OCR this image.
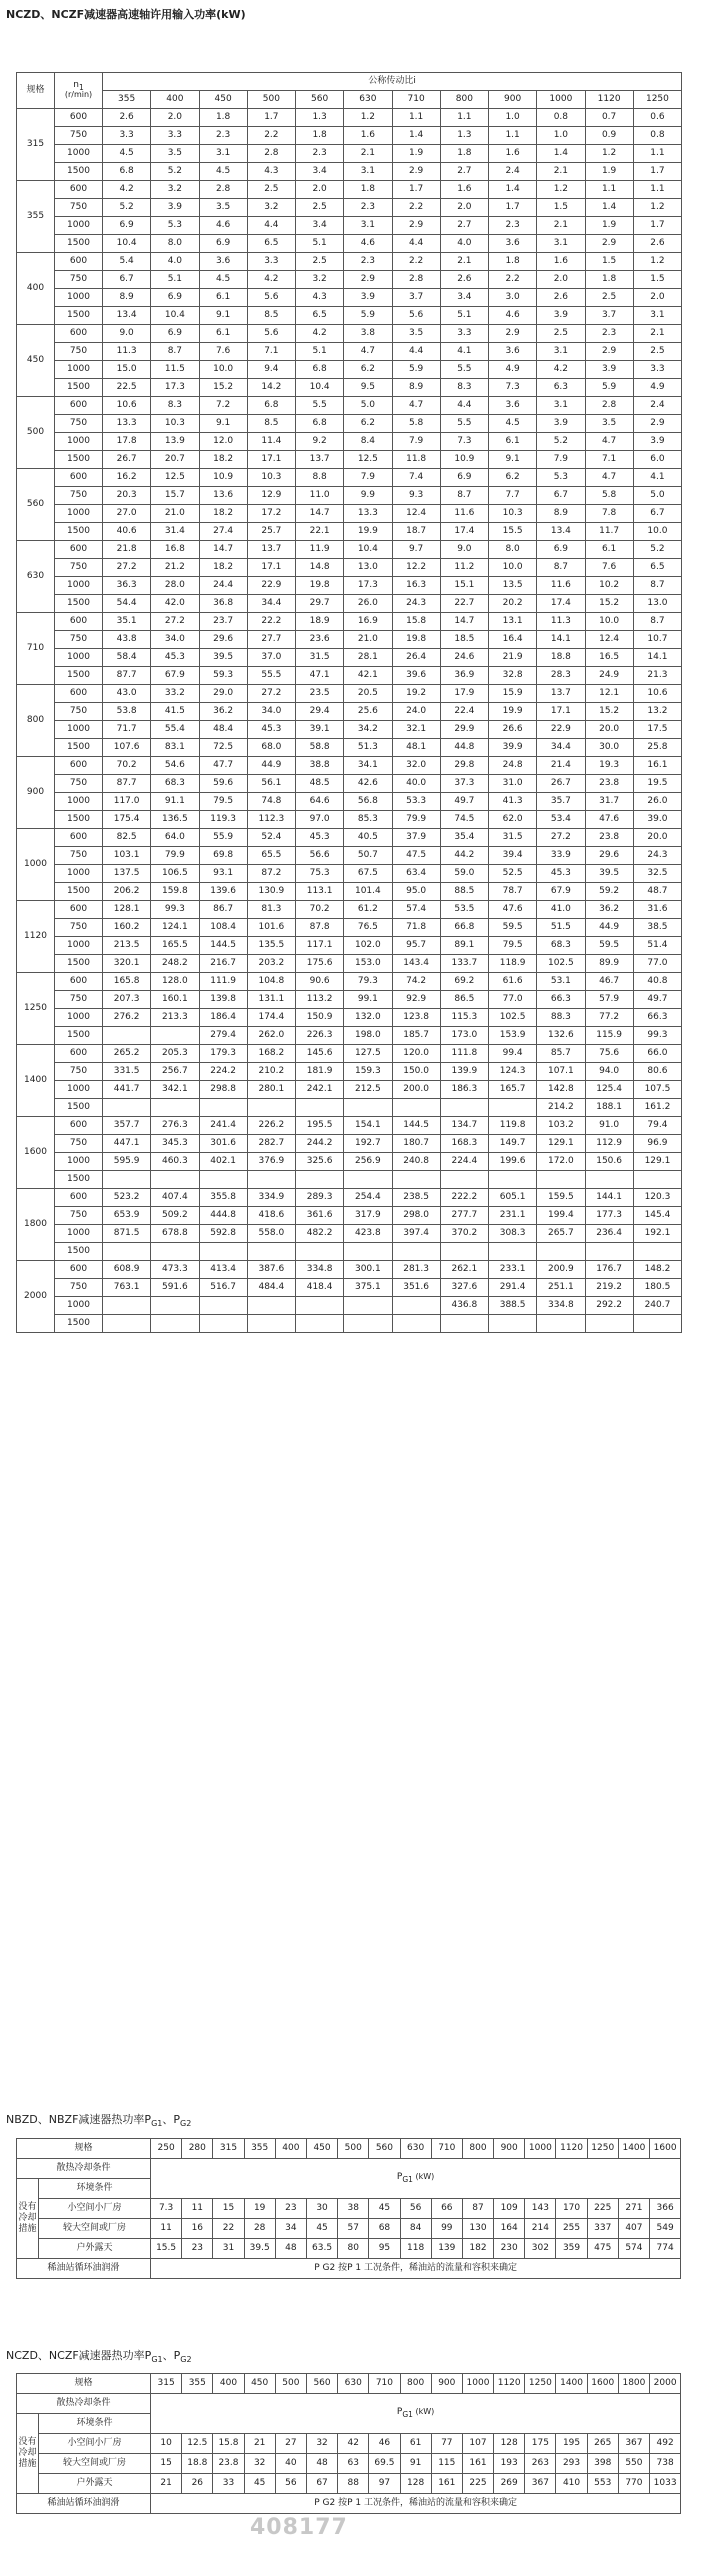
NCZD、NCZF减速器高速轴许用输入功率(kW)
规格	$n_1$
(r/min)	公称传动比i											
		355	400	450	500	560	630	710	800	900	1000	1120	1250
315	600	2.6	2.0	1.8	1.7	1.3	1.2	1.1	1.1	1.0	0.8	0.7	0.6
	750	3.3	3.3	2.3	2.2	1.8	1.6	1.4	1.3	1.1	1.0	0.9	0.8
	1000	4.5	3.5	3.1	2.8	2.3	2.1	1.9	1.8	1.6	1.4	1.2	1.1
	1500	6.8	5.2	4.5	4.3	3.4	3.1	2.9	2.7	2.4	2.1	1.9	1.7
355	600	4.2	3.2	2.8	2.5	2.0	1.8	1.7	1.6	1.4	1.2	1.1	1.1
	750	5.2	3.9	3.5	3.2	2.5	2.3	2.2	2.0	1.7	1.5	1.4	1.2
	1000	6.9	5.3	4.6	4.4	3.4	3.1	2.9	2.7	2.3	2.1	1.9	1.7
	1500	10.4	8.0	6.9	6.5	5.1	4.6	4.4	4.0	3.6	3.1	2.9	2.6
400	600	5.4	4.0	3.6	3.3	2.5	2.3	2.2	2.1	1.8	1.6	1.5	1.2
	750	6.7	5.1	4.5	4.2	3.2	2.9	2.8	2.6	2.2	2.0	1.8	1.5
	1000	8.9	6.9	6.1	5.6	4.3	3.9	3.7	3.4	3.0	2.6	2.5	2.0
	1500	13.4	10.4	9.1	8.5	6.5	5.9	5.6	5.1	4.6	3.9	3.7	3.1
450	600	9.0	6.9	6.1	5.6	4.2	3.8	3.5	3.3	2.9	2.5	2.3	2.1
	750	11.3	8.7	7.6	7.1	5.1	4.7	4.4	4.1	3.6	3.1	2.9	2.5
	1000	15.0	11.5	10.0	9.4	6.8	6.2	5.9	5.5	4.9	4.2	3.9	3.3
	1500	22.5	17.3	15.2	14.2	10.4	9.5	8.9	8.3	7.3	6.3	5.9	4.9
500	600	10.6	8.3	7.2	6.8	5.5	5.0	4.7	4.4	3.6	3.1	2.8	2.4
	750	13.3	10.3	9.1	8.5	6.8	6.2	5.8	5.5	4.5	3.9	3.5	2.9
	1000	17.8	13.9	12.0	11.4	9.2	8.4	7.9	7.3	6.1	5.2	4.7	3.9
	1500	26.7	20.7	18.2	17.1	13.7	12.5	11.8	10.9	9.1	7.9	7.1	6.0
560	600	16.2	12.5	10.9	10.3	8.8	7.9	7.4	6.9	6.2	5.3	4.7	4.1
	750	20.3	15.7	13.6	12.9	11.0	9.9	9.3	8.7	7.7	6.7	5.8	5.0
	1000	27.0	21.0	18.2	17.2	14.7	13.3	12.4	11.6	10.3	8.9	7.8	6.7
	1500	40.6	31.4	27.4	25.7	22.1	19.9	18.7	17.4	15.5	13.4	11.7	10.0
630	600	21.8	16.8	14.7	13.7	11.9	10.4	9.7	9.0	8.0	6.9	6.1	5.2
	750	27.2	21.2	18.2	17.1	14.8	13.0	12.2	11.2	10.0	8.7	7.6	6.5
	1000	36.3	28.0	24.4	22.9	19.8	17.3	16.3	15.1	13.5	11.6	10.2	8.7
	1500	54.4	42.0	36.8	34.4	29.7	26.0	24.3	22.7	20.2	17.4	15.2	13.0
710	600	35.1	27.2	23.7	22.2	18.9	16.9	15.8	14.7	13.1	11.3	10.0	8.7
	750	43.8	34.0	29.6	27.7	23.6	21.0	19.8	18.5	16.4	14.1	12.4	10.7
	1000	58.4	45.3	39.5	37.0	31.5	28.1	26.4	24.6	21.9	18.8	16.5	14.1
	1500	87.7	67.9	59.3	55.5	47.1	42.1	39.6	36.9	32.8	28.3	24.9	21.3
800	600	43.0	33.2	29.0	27.2	23.5	20.5	19.2	17.9	15.9	13.7	12.1	10.6
	750	53.8	41.5	36.2	34.0	29.4	25.6	24.0	22.4	19.9	17.1	15.2	13.2
	1000	71.7	55.4	48.4	45.3	39.1	34.2	32.1	29.9	26.6	22.9	20.0	17.5
	1500	107.6	83.1	72.5	68.0	58.8	51.3	48.1	44.8	39.9	34.4	30.0	25.8
900	600	70.2	54.6	47.7	44.9	38.8	34.1	32.0	29.8	24.8	21.4	19.3	16.1
	750	87.7	68.3	59.6	56.1	48.5	42.6	40.0	37.3	31.0	26.7	23.8	19.5
	1000	117.0	91.1	79.5	74.8	64.6	56.8	53.3	49.7	41.3	35.7	31.7	26.0
	1500	175.4	136.5	119.3	112.3	97.0	85.3	79.9	74.5	62.0	53.4	47.6	39.0
1000	600	82.5	64.0	55.9	52.4	45.3	40.5	37.9	35.4	31.5	27.2	23.8	20.0
	750	103.1	79.9	69.8	65.5	56.6	50.7	47.5	44.2	39.4	33.9	29.6	24.3
	1000	137.5	106.5	93.1	87.2	75.3	67.5	63.4	59.0	52.5	45.3	39.5	32.5
	1500	206.2	159.8	139.6	130.9	113.1	101.4	95.0	88.5	78.7	67.9	59.2	48.7
1120	600	128.1	99.3	86.7	81.3	70.2	61.2	57.4	53.5	47.6	41.0	36.2	31.6
	750	160.2	124.1	108.4	101.6	87.8	76.5	71.8	66.8	59.5	51.5	44.9	38.5
	1000	213.5	165.5	144.5	135.5	117.1	102.0	95.7	89.1	79.5	68.3	59.5	51.4
	1500	320.1	248.2	216.7	203.2	175.6	153.0	143.4	133.7	118.9	102.5	89.9	77.0
1250	600	165.8	128.0	111.9	104.8	90.6	79.3	74.2	69.2	61.6	53.1	46.7	40.8
	750	207.3	160.1	139.8	131.1	113.2	99.1	92.9	86.5	77.0	66.3	57.9	49.7
	1000	276.2	213.3	186.4	174.4	150.9	132.0	123.8	115.3	102.5	88.3	77.2	66.3
	1500			279.4	262.0	226.3	198.0	185.7	173.0	153.9	132.6	115.9	99.3
1400	600	265.2	205.3	179.3	168.2	145.6	127.5	120.0	111.8	99.4	85.7	75.6	66.0
	750	331.5	256.7	224.2	210.2	181.9	159.3	150.0	139.9	124.3	107.1	94.0	80.6
	1000	441.7	342.1	298.8	280.1	242.1	212.5	200.0	186.3	165.7	142.8	125.4	107.5
	1500										214.2	188.1	161.2
1600	600	357.7	276.3	241.4	226.2	195.5	154.1	144.5	134.7	119.8	103.2	91.0	79.4
	750	447.1	345.3	301.6	282.7	244.2	192.7	180.7	168.3	149.7	129.1	112.9	96.9
	1000	595.9	460.3	402.1	376.9	325.6	256.9	240.8	224.4	199.6	172.0	150.6	129.1
	1500												
1800	600	523.2	407.4	355.8	334.9	289.3	254.4	238.5	222.2	605.1	159.5	144.1	120.3
	750	653.9	509.2	444.8	418.6	361.6	317.9	298.0	277.7	231.1	199.4	177.3	145.4
	1000	871.5	678.8	592.8	558.0	482.2	423.8	397.4	370.2	308.3	265.7	236.4	192.1
	1500												
2000	600	608.9	473.3	413.4	387.6	334.8	300.1	281.3	262.1	233.1	200.9	176.7	148.2
	750	763.1	591.6	516.7	484.4	418.4	375.1	351.6	327.6	291.4	251.1	219.2	180.5
	1000								436.8	388.5	334.8	292.2	240.7
	1500												
NBZD、NBZF减速器热功率$P_{G1}$、$P_{G2}$
规格		250	280	315	355	400	450	500	560	630	710	800	900	1000	1120	1250	1400	1600
散热冷却条件		$P_{G1}$ (kW)																
没有冷却措施	环境条件																	
	小空间小厂房	7.3	11	15	19	23	30	38	45	56	66	87	109	143	170	225	271	366
	较大空间或厂房	11	16	22	28	34	45	57	68	84	99	130	164	214	255	337	407	549
	户外露天	15.5	23	31	39.5	48	63.5	80	95	118	139	182	230	302	359	475	574	774
稀油站循环油润滑		P G2 按P 1 工况条件，稀油站的流量和容积来确定																
NCZD、NCZF减速器热功率$P_{G1}$、$P_{G2}$
规格		315	355	400	450	500	560	630	710	800	900	1000	1120	1250	1400	1600	1800	2000
散热冷却条件		$P_{G1}$ (kW)																
没有冷却措施	环境条件																	
	小空间小厂房	10	12.5	15.8	21	27	32	42	46	61	77	107	128	175	195	265	367	492
	较大空间或厂房	15	18.8	23.8	32	40	48	63	69.5	91	115	161	193	263	293	398	550	738
	户外露天	21	26	33	45	56	67	88	97	128	161	225	269	367	410	553	770	1033
稀油站循环油润滑		P G2 按P 1 工况条件，稀油站的流量和容积来确定																
408177
